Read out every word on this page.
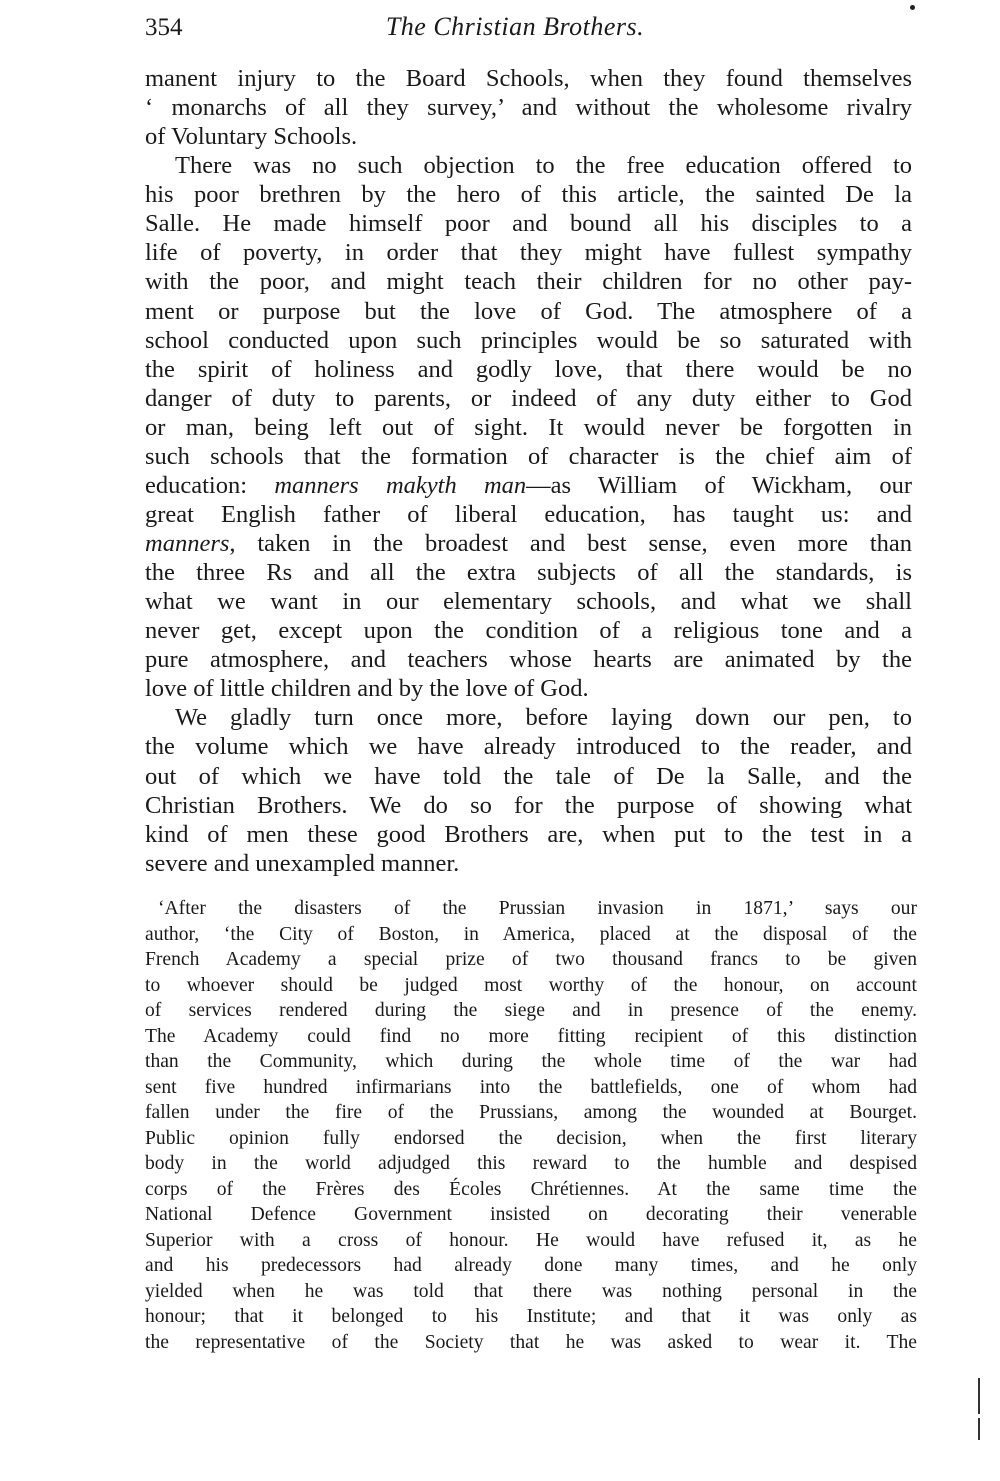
354	The Christian Brothers.
manent injury to the Board Schools, when they found themselves
‘ monarchs of all they survey,’ and without the wholesome rivalry
of Voluntary Schools.
There was no such objection to the free education offered to
his poor brethren by the hero of this article, the sainted De la
Salle. He made himself poor and bound all his disciples to a
life of poverty, in order that they might have fullest sympathy
with the poor, and might teach their children for no other pay-
ment or purpose but the love of God. The atmosphere of a
school conducted upon such principles would be so saturated with
the spirit of holiness and godly love, that there would be no
danger of duty to parents, or indeed of any duty either to God
or man, being left out of sight. It would never be forgotten in
such schools that the formation of character is the chief aim of
education: manners makyth man—as William of Wickham, our
great English father of liberal education, has taught us: and
manners, taken in the broadest and best sense, even more than
the three Rs and all the extra subjects of all the standards, is
what we want in our elementary schools, and what we shall
never get, except upon the condition of a religious tone and a
pure atmosphere, and teachers whose hearts are animated by the
love of little children and by the love of God.
We gladly turn once more, before laying down our pen, to
the volume which we have already introduced to the reader, and
out of which we have told the tale of De la Salle, and the
Christian Brothers. We do so for the purpose of showing what
kind of men these good Brothers are, when put to the test in a
severe and unexampled manner.
‘After the disasters of the Prussian invasion in 1871,’ says our
author, ‘the City of Boston, in America, placed at the disposal of the
French Academy a special prize of two thousand francs to be given
to whoever should be judged most worthy of the honour, on account
of services rendered during the siege and in presence of the enemy.
The Academy could find no more fitting recipient of this distinction
than the Community, which during the whole time of the war had
sent five hundred infirmarians into the battlefields, one of whom had
fallen under the fire of the Prussians, among the wounded at Bourget.
Public opinion fully endorsed the decision, when the first literary
body in the world adjudged this reward to the humble and despised
corps of the Frères des Écoles Chrétiennes. At the same time the
National Defence Government insisted on decorating their venerable
Superior with a cross of honour. He would have refused it, as he
and his predecessors had already done many times, and he only
yielded when he was told that there was nothing personal in the
honour; that it belonged to his Institute; and that it was only as
the representative of the Society that he was asked to wear it. The
